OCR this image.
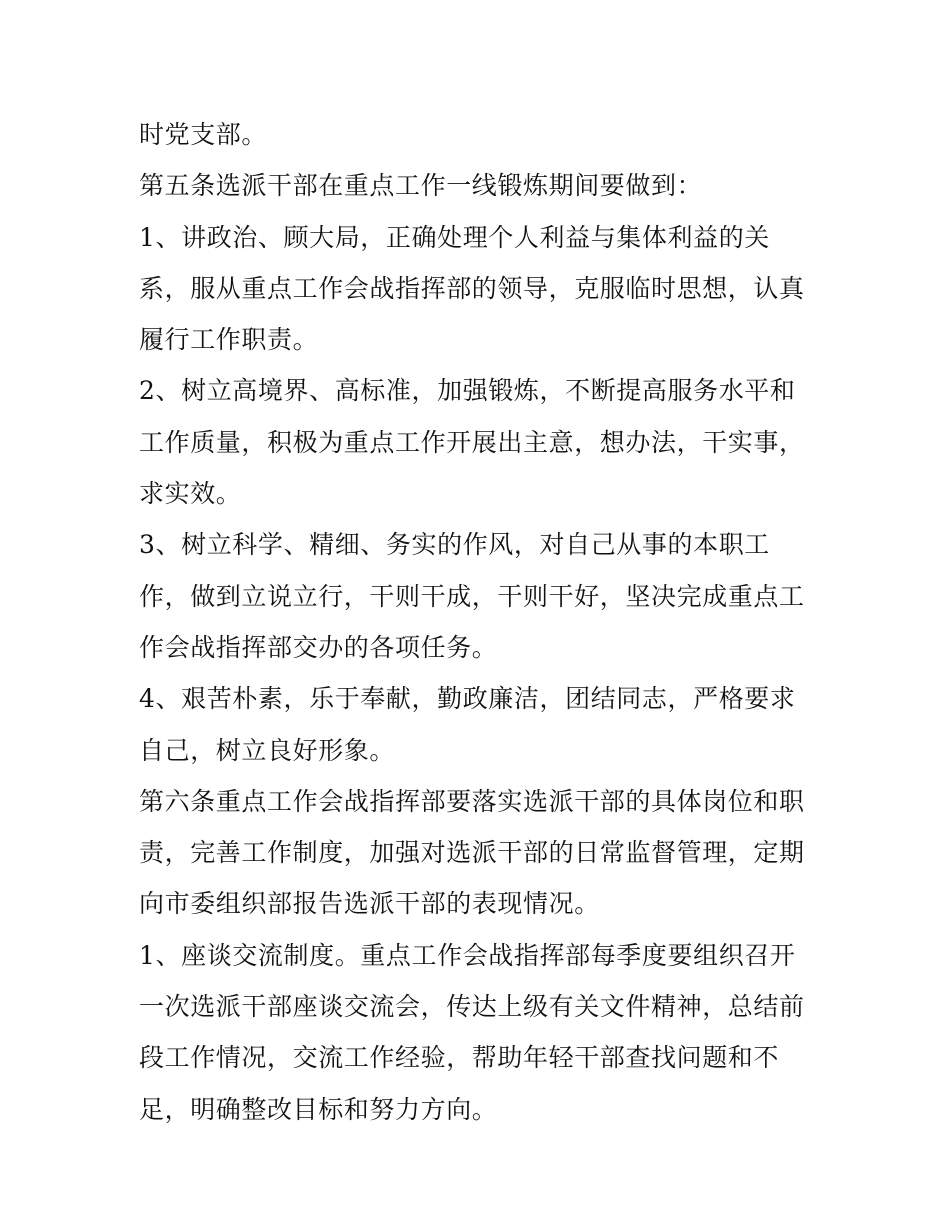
时党支部。

第五条选派干部在重点工作一线锻炼期间要做到：

1、讲政治、顾大局，正确处理个人利益与集体利益的关系，服从重点工作会战指挥部的领导，克服临时思想，认真履行工作职责。

2、树立高境界、高标准，加强锻炼，不断提高服务水平和工作质量，积极为重点工作开展出主意，想办法，干实事，求实效。

3、树立科学、精细、务实的作风，对自己从事的本职工作，做到立说立行，干则干成，干则干好，坚决完成重点工作会战指挥部交办的各项任务。

4、艰苦朴素，乐于奉献，勤政廉洁，团结同志，严格要求自己，树立良好形象。

第六条重点工作会战指挥部要落实选派干部的具体岗位和职责，完善工作制度，加强对选派干部的日常监督管理，定期向市委组织部报告选派干部的表现情况。

1、座谈交流制度。重点工作会战指挥部每季度要组织召开一次选派干部座谈交流会，传达上级有关文件精神，总结前段工作情况，交流工作经验，帮助年轻干部查找问题和不足，明确整改目标和努力方向。
